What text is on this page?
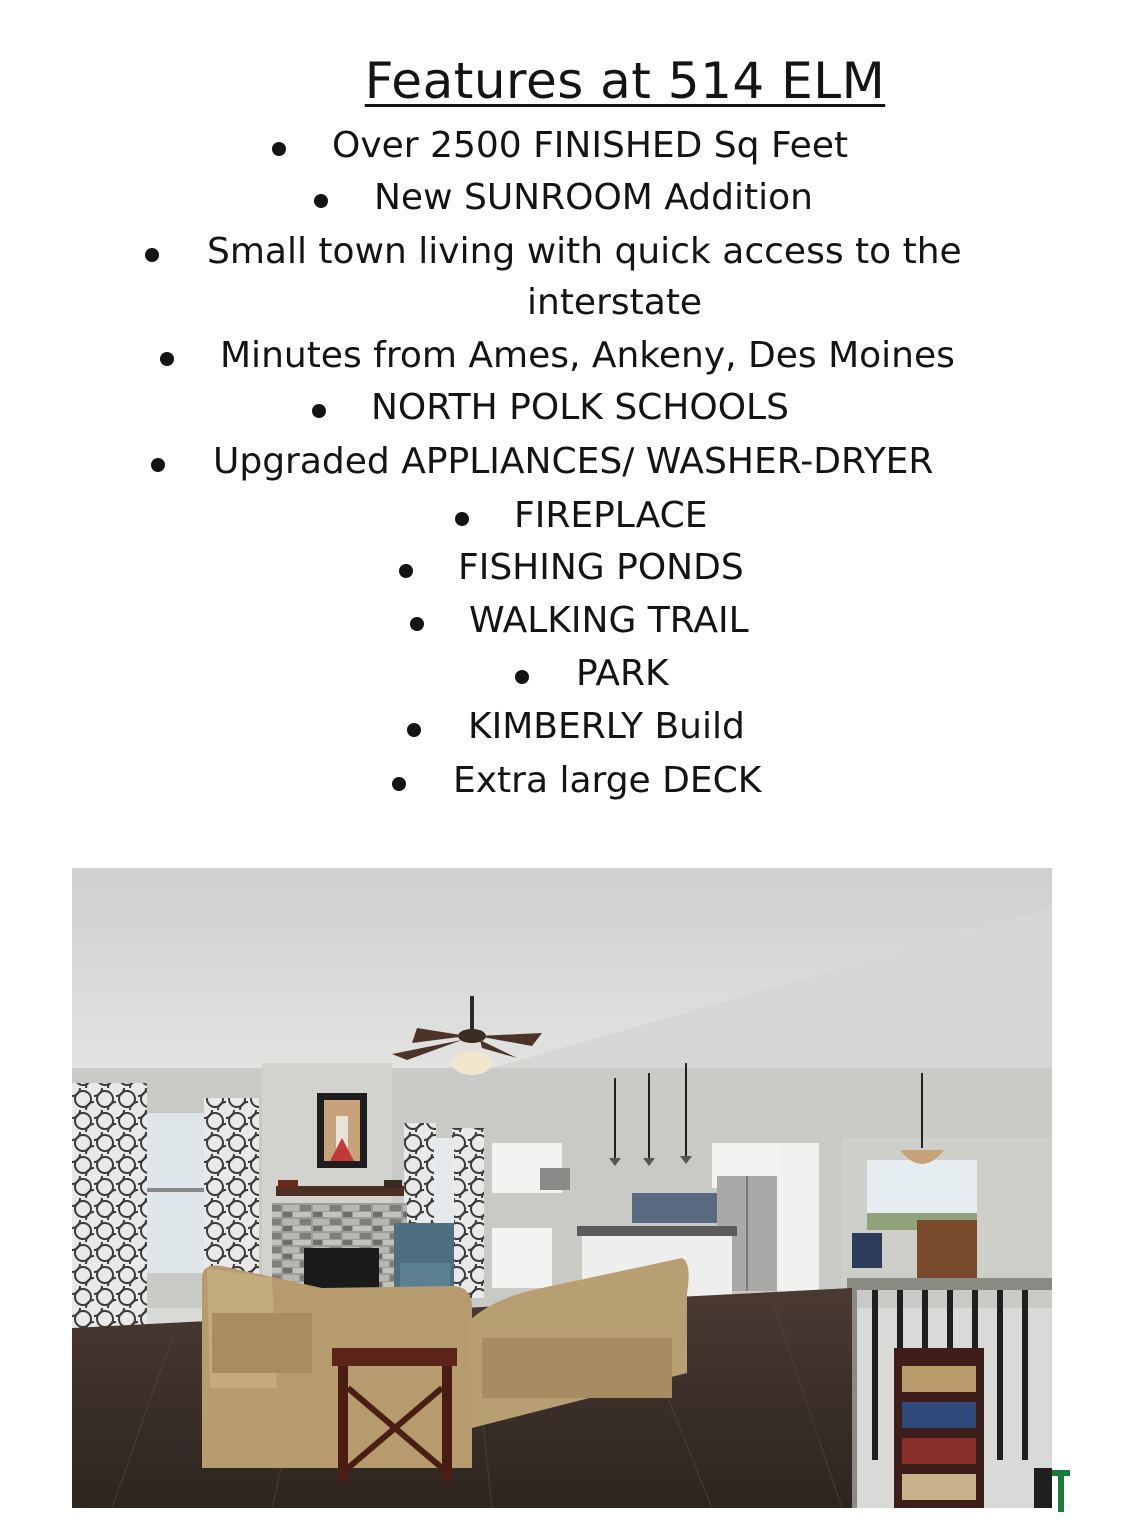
Features at 514 ELM
Over 2500 FINISHED Sq Feet
New SUNROOM Addition
Small town living with quick access to the
interstate
Minutes from Ames, Ankeny, Des Moines
NORTH POLK SCHOOLS
Upgraded APPLIANCES/ WASHER-DRYER
FIREPLACE
FISHING PONDS
WALKING TRAIL
PARK
KIMBERLY Build
Extra large DECK
